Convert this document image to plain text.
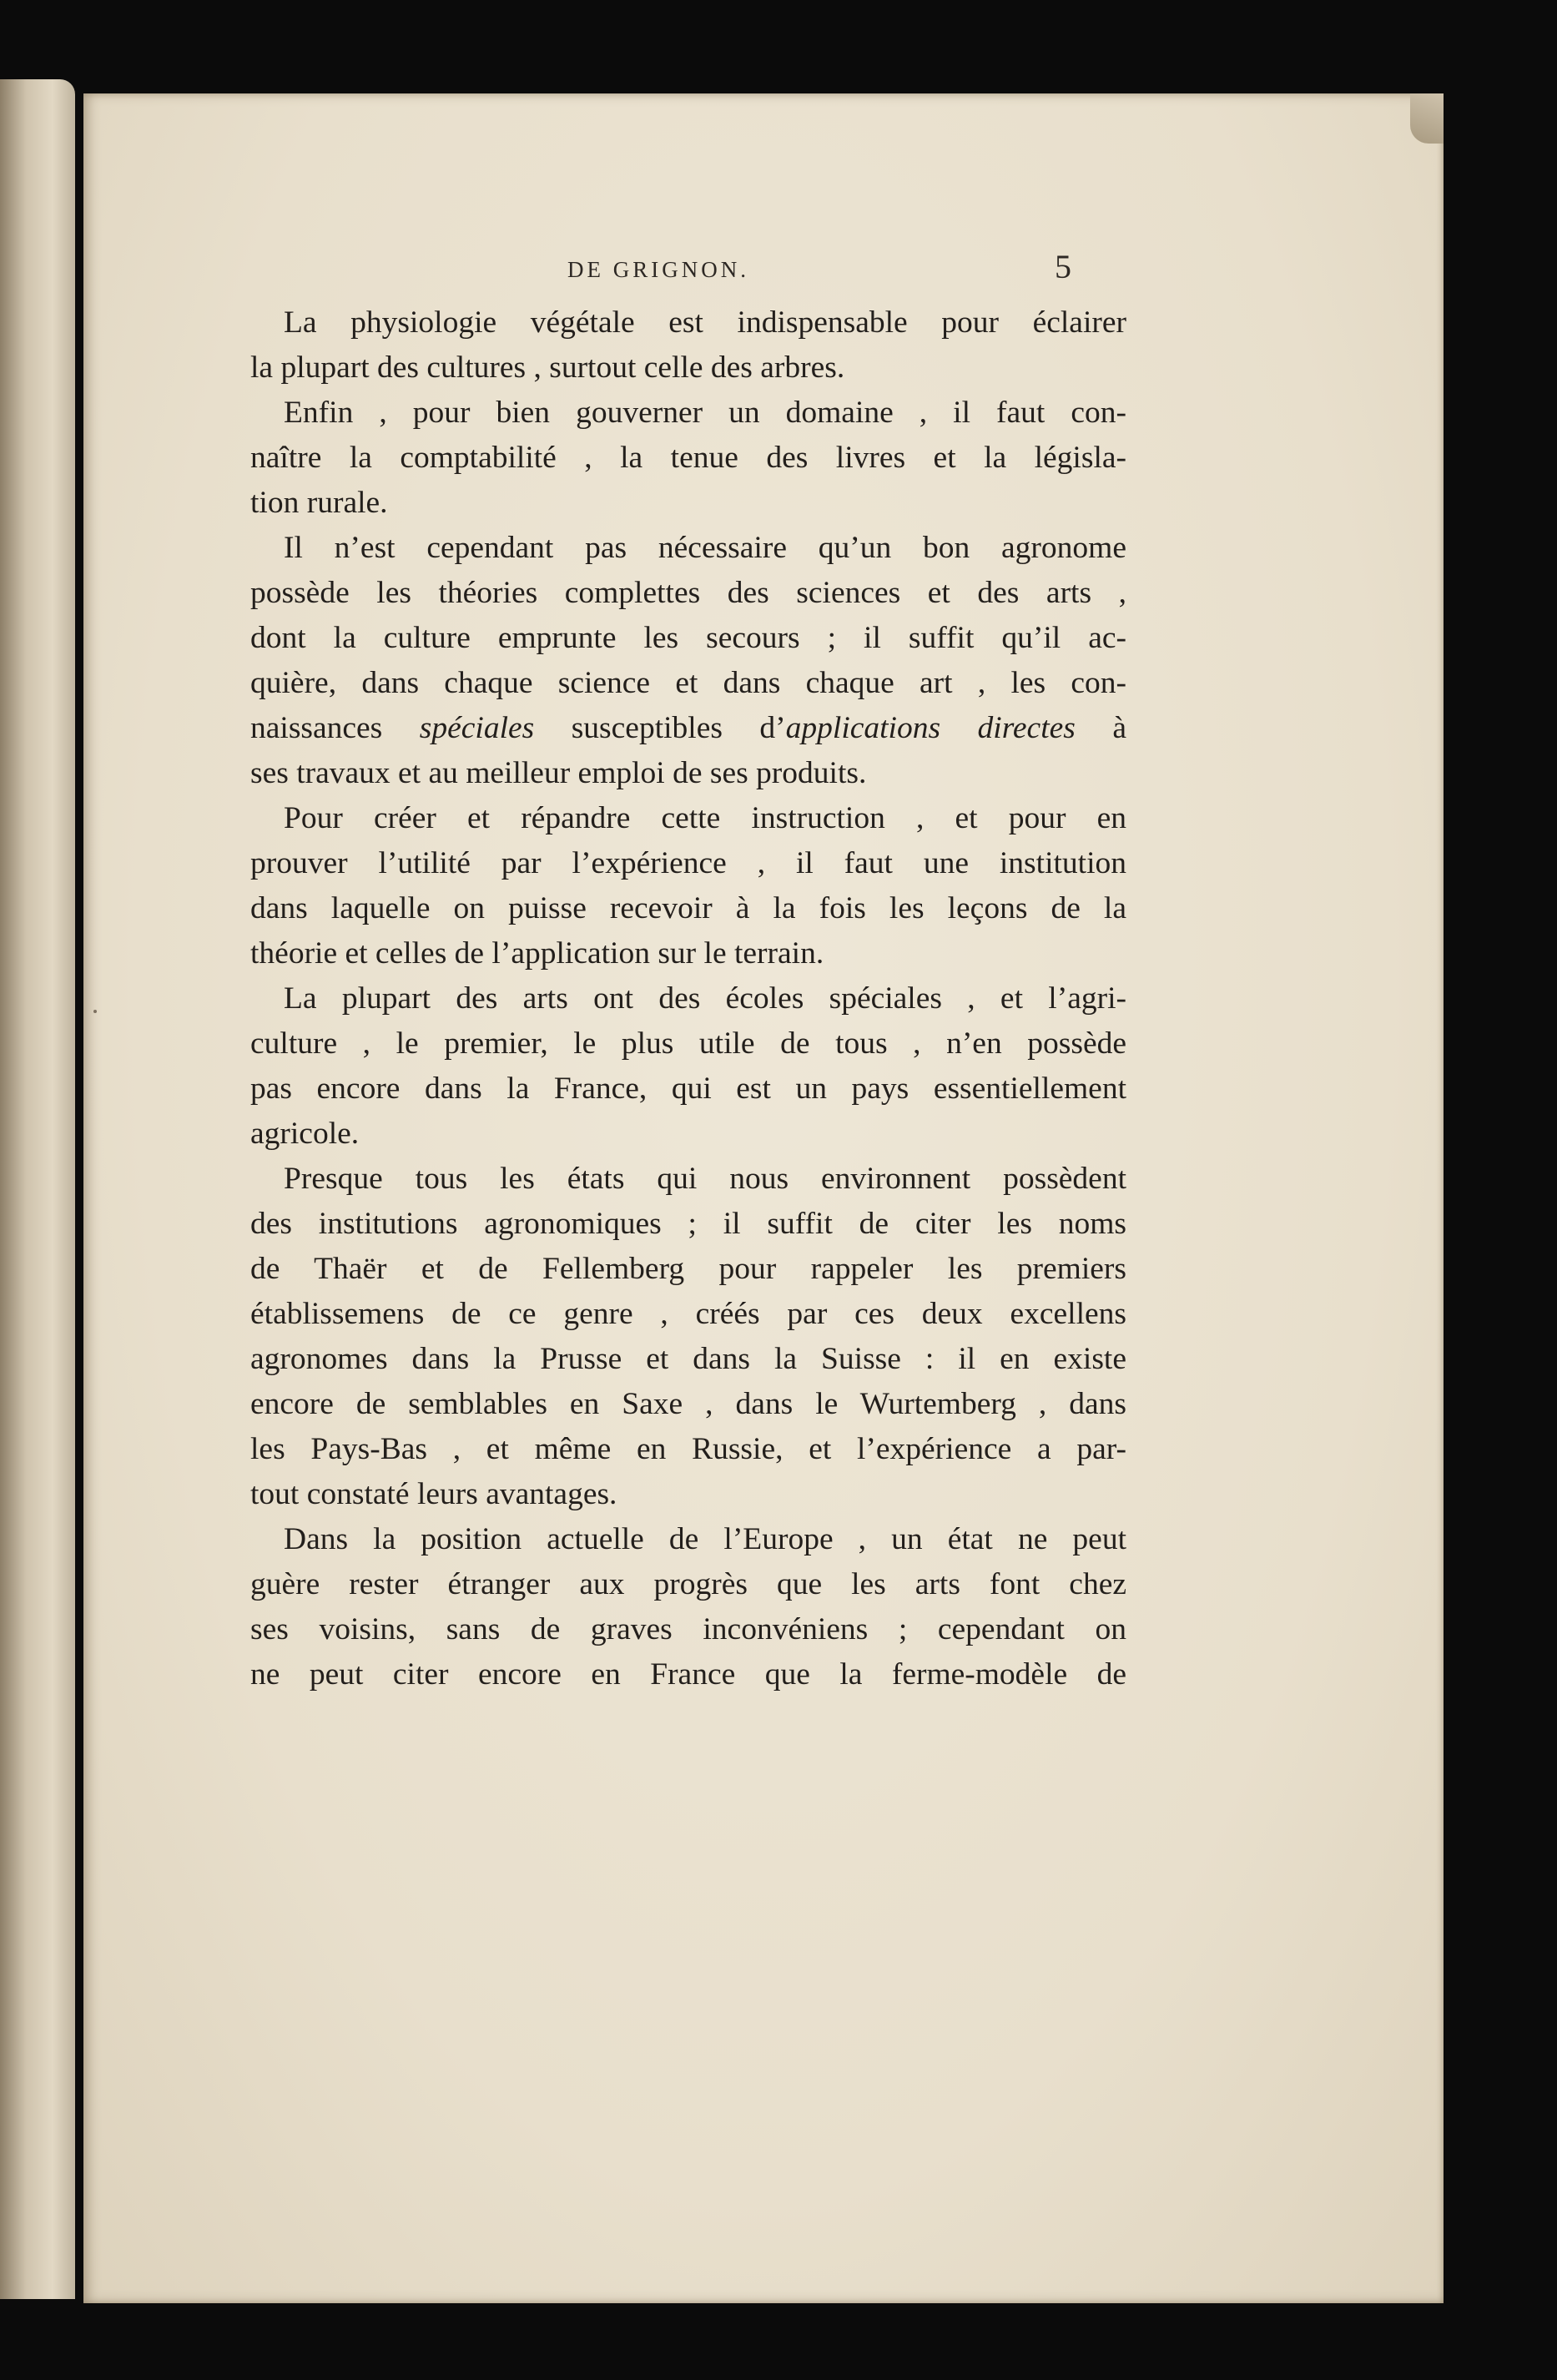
DE GRIGNON.	5
La physiologie végétale est indispensable pour éclairer
la plupart des cultures , surtout celle des arbres.
Enfin , pour bien gouverner un domaine , il faut con-
naître la comptabilité , la tenue des livres et la législa-
tion rurale.
Il n’est cependant pas nécessaire qu’un bon agronome
possède les théories complettes des sciences et des arts ,
dont la culture emprunte les secours ; il suffit qu’il ac-
quière, dans chaque science et dans chaque art , les con-
naissances spéciales susceptibles d’applications directes à
ses travaux et au meilleur emploi de ses produits.
Pour créer et répandre cette instruction , et pour en
prouver l’utilité par l’expérience , il faut une institution
dans laquelle on puisse recevoir à la fois les leçons de la
théorie et celles de l’application sur le terrain.
La plupart des arts ont des écoles spéciales , et l’agri-
culture , le premier, le plus utile de tous , n’en possède
pas encore dans la France, qui est un pays essentiellement
agricole.
Presque tous les états qui nous environnent possèdent
des institutions agronomiques ; il suffit de citer les noms
de Thaër et de Fellemberg pour rappeler les premiers
établissemens de ce genre , créés par ces deux excellens
agronomes dans la Prusse et dans la Suisse : il en existe
encore de semblables en Saxe , dans le Wurtemberg , dans
les Pays-Bas , et même en Russie, et l’expérience a par-
tout constaté leurs avantages.
Dans la position actuelle de l’Europe , un état ne peut
guère rester étranger aux progrès que les arts font chez
ses voisins, sans de graves inconvéniens ; cependant on
ne peut citer encore en France que la ferme-modèle de
